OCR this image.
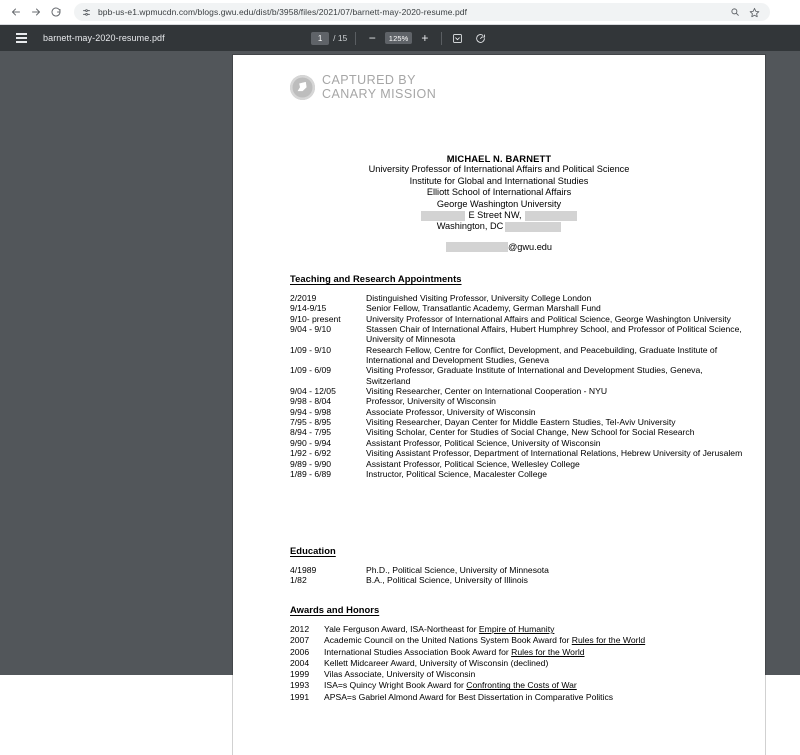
bpb-us-e1.wpmucdn.com/blogs.gwu.edu/dist/b/3958/files/2021/07/barnett-may-2020-resume.pdf
barnett-may-2020-resume.pdf
1	/ 15	−	125%	+
CAPTURED BY
CANARY MISSION
MICHAEL N. BARNETT
University Professor of International Affairs and Political Science
Institute for Global and International Studies
Elliott School of International Affairs
George Washington University
E Street NW,
Washington, DC
@gwu.edu
Teaching and Research Appointments
2/2019	Distinguished Visiting Professor, University College London
9/14-9/15	Senior Fellow, Transatlantic Academy, German Marshall Fund
9/10- present	University Professor of International Affairs and Political Science, George Washington University
9/04 - 9/10	Stassen Chair of International Affairs, Hubert Humphrey School, and Professor of Political Science, University of Minnesota
1/09 - 9/10	Research Fellow, Centre for Conflict, Development, and Peacebuilding, Graduate Institute of International and Development Studies, Geneva
1/09 - 6/09	Visiting Professor, Graduate Institute of International and Development Studies, Geneva, Switzerland
9/04 - 12/05	Visiting Researcher, Center on International Cooperation - NYU
9/98 - 8/04	Professor, University of Wisconsin
9/94 - 9/98	Associate Professor, University of Wisconsin
7/95 - 8/95	Visiting Researcher, Dayan Center for Middle Eastern Studies, Tel-Aviv University
8/94 - 7/95	Visiting Scholar, Center for Studies of Social Change, New School for Social Research
9/90 - 9/94	Assistant Professor, Political Science, University of Wisconsin
1/92 - 6/92	Visiting Assistant Professor, Department of International Relations, Hebrew University of Jerusalem
9/89 - 9/90	Assistant Professor, Political Science, Wellesley College
1/89 - 6/89	Instructor, Political Science, Macalester College
Education
4/1989	Ph.D., Political Science, University of Minnesota
1/82	B.A., Political Science, University of Illinois
Awards and Honors
2012	Yale Ferguson Award, ISA-Northeast for Empire of Humanity
2007	Academic Council on the United Nations System Book Award for Rules for the World
2006	International Studies Association Book Award for Rules for the World
2004	Kellett Midcareer Award, University of Wisconsin (declined)
1999	Vilas Associate, University of Wisconsin
1993	ISA=s Quincy Wright Book Award for Confronting the Costs of War
1991	APSA=s Gabriel Almond Award for Best Dissertation in Comparative Politics
